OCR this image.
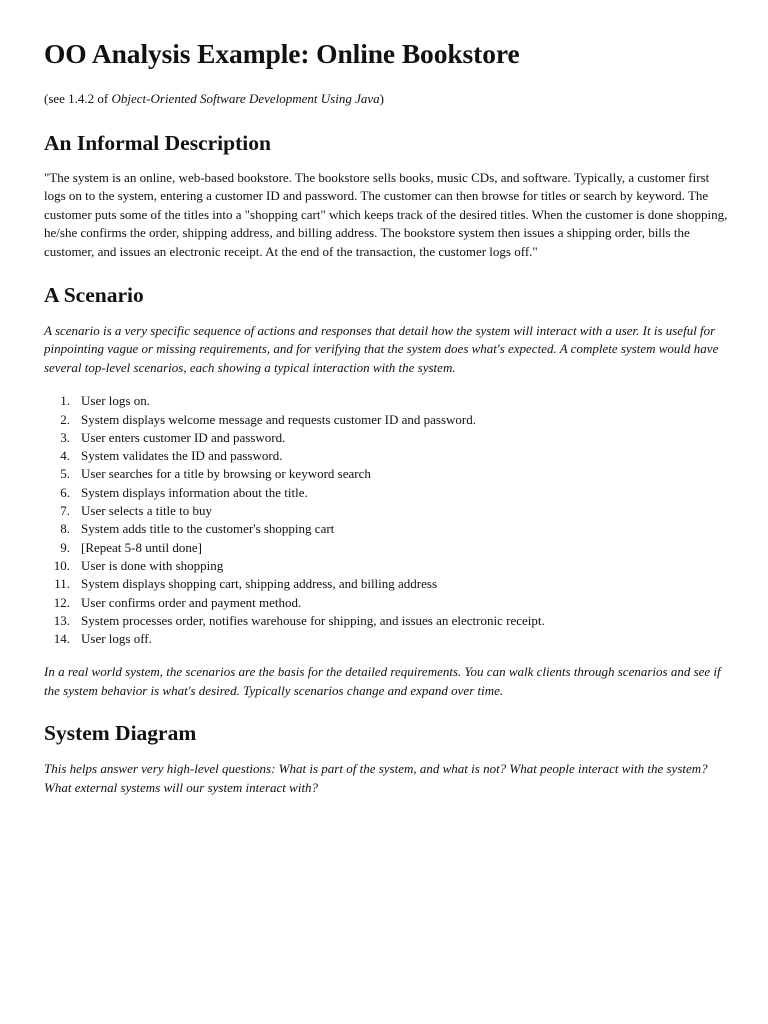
OO Analysis Example: Online Bookstore

(see 1.4.2 of Object-Oriented Software Development Using Java)

An Informal Description

"The system is an online, web-based bookstore. The bookstore sells books, music CDs, and software. Typically, a customer first logs on to the system, entering a customer ID and password. The customer can then browse for titles or search by keyword. The customer puts some of the titles into a "shopping cart" which keeps track of the desired titles. When the customer is done shopping, he/she confirms the order, shipping address, and billing address. The bookstore system then issues a shipping order, bills the customer, and issues an electronic receipt. At the end of the transaction, the customer logs off."

A Scenario

A scenario is a very specific sequence of actions and responses that detail how the system will interact with a user. It is useful for pinpointing vague or missing requirements, and for verifying that the system does what's expected. A complete system would have several top-level scenarios, each showing a typical interaction with the system.

1. User logs on.
2. System displays welcome message and requests customer ID and password.
3. User enters customer ID and password.
4. System validates the ID and password.
5. User searches for a title by browsing or keyword search
6. System displays information about the title.
7. User selects a title to buy
8. System adds title to the customer's shopping cart
9. [Repeat 5-8 until done]
10. User is done with shopping
11. System displays shopping cart, shipping address, and billing address
12. User confirms order and payment method.
13. System processes order, notifies warehouse for shipping, and issues an electronic receipt.
14. User logs off.

In a real world system, the scenarios are the basis for the detailed requirements. You can walk clients through scenarios and see if the system behavior is what's desired. Typically scenarios change and expand over time.

System Diagram

This helps answer very high-level questions: What is part of the system, and what is not? What people interact with the system? What external systems will our system interact with?
